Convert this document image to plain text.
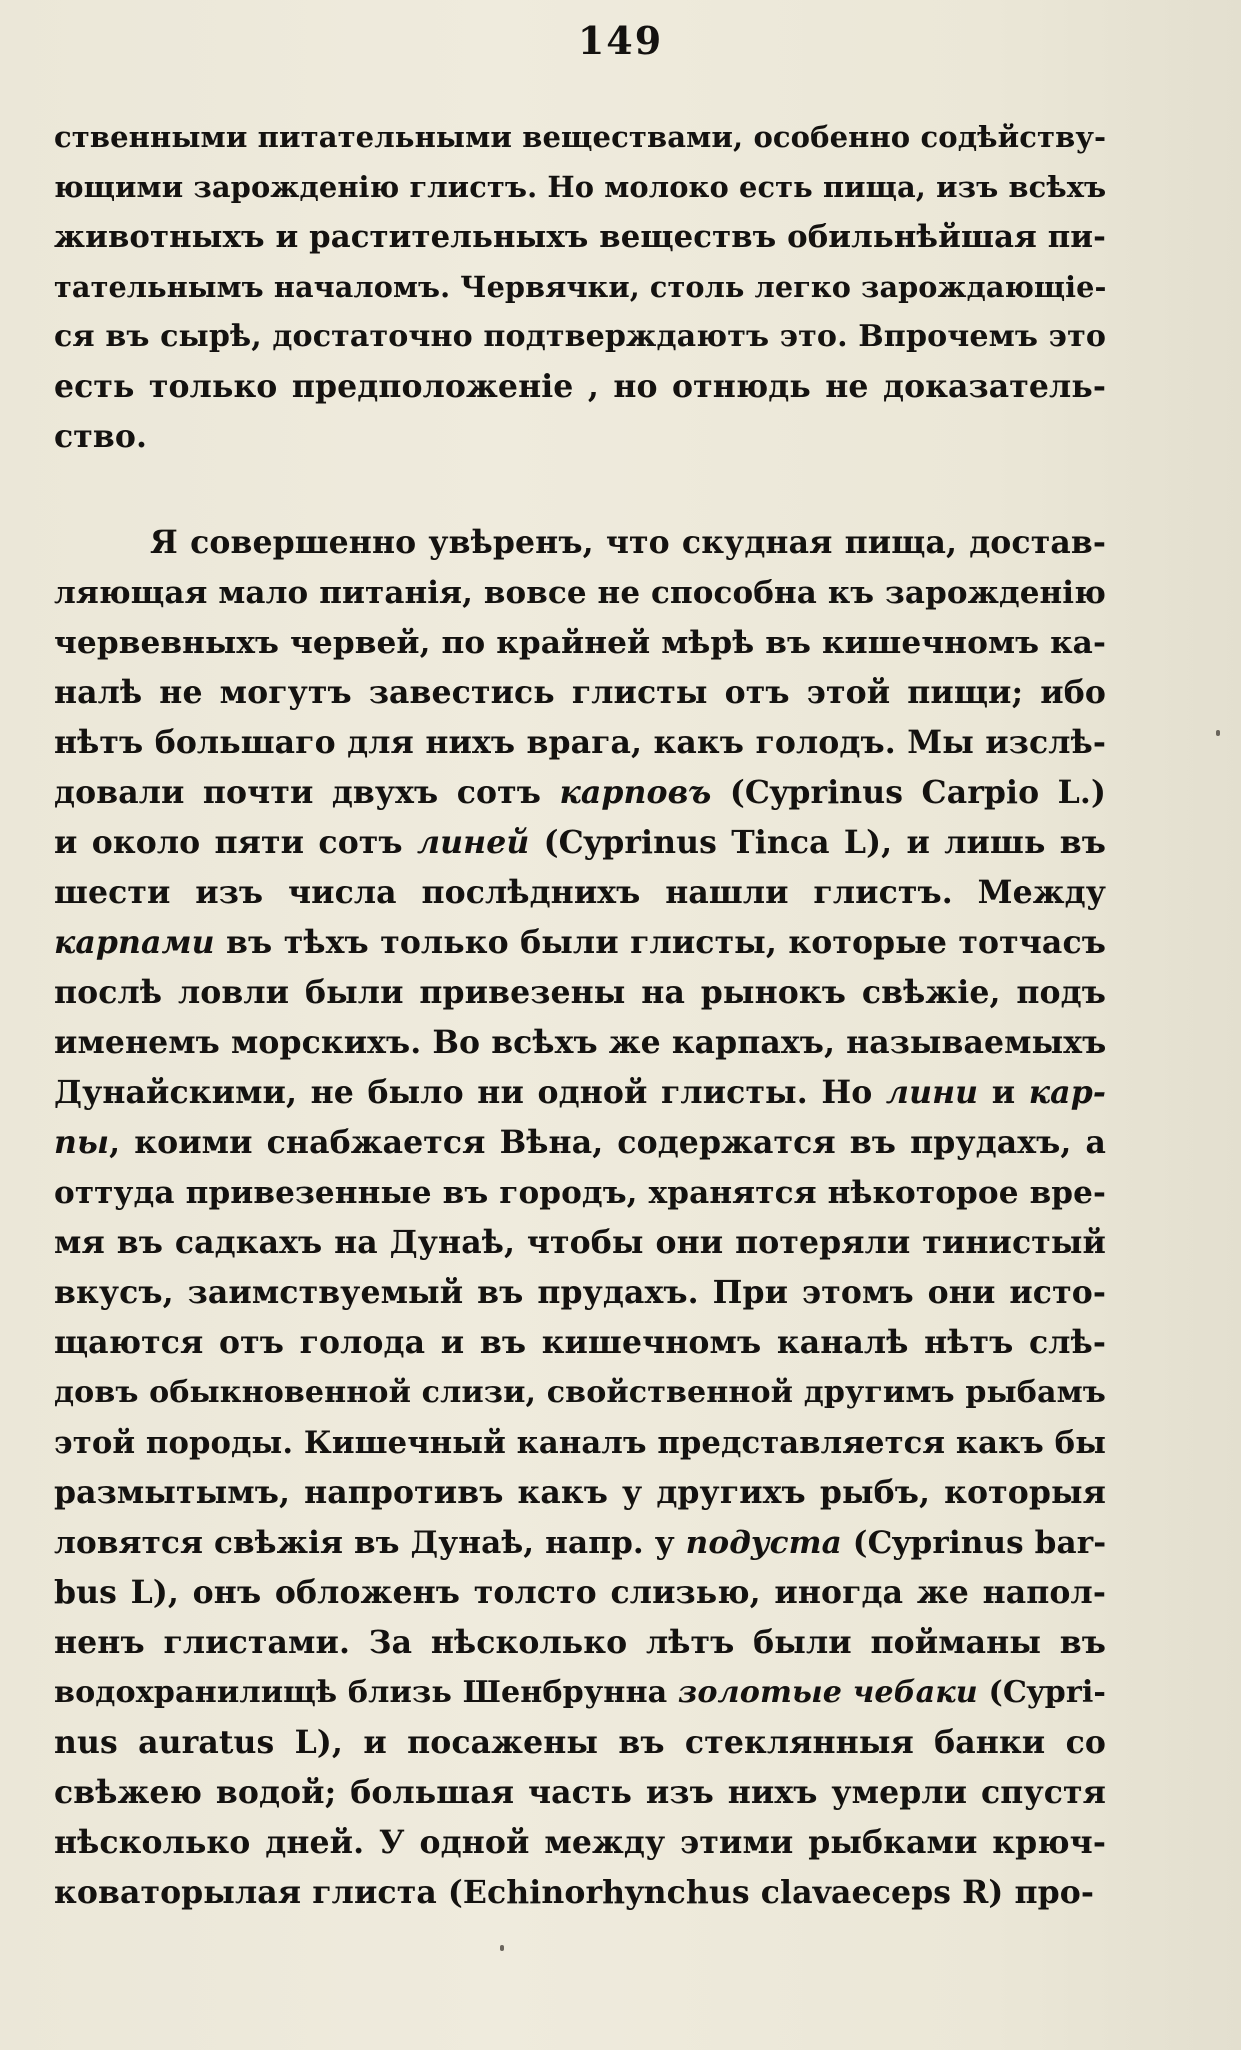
149
ственными питательными веществами, особенно содѣйству-
ющими зарожденію глистъ. Но молоко есть пища, изъ всѣхъ
животныхъ и растительныхъ веществъ обильнѣйшая пи-
тательнымъ началомъ. Червячки, столь легко зарождающіе-
ся въ сырѣ, достаточно подтверждаютъ это. Впрочемъ это
есть только предположеніе , но отнюдь не доказатель-
ство.
Я совершенно увѣренъ, что скудная пища, достав-
ляющая мало питанія, вовсе не способна къ зарожденію
червевныхъ червей, по крайней мѣрѣ въ кишечномъ ка-
налѣ не могутъ завестись глисты отъ этой пищи; ибо
нѣтъ большаго для нихъ врага, какъ голодъ. Мы изслѣ-
довали почти двухъ сотъ карповъ (Cyprinus Carpio L.)
и около пяти сотъ линей (Cyprinus Tinca L), и лишь въ
шести изъ числа послѣднихъ нашли глистъ. Между
карпами въ тѣхъ только были глисты, которые тотчасъ
послѣ ловли были привезены на рынокъ свѣжіе, подъ
именемъ морскихъ. Во всѣхъ же карпахъ, называемыхъ
Дунайскими, не было ни одной глисты. Но лини и кар-
пы, коими снабжается Вѣна, содержатся въ прудахъ, а
оттуда привезенные въ городъ, хранятся нѣкоторое вре-
мя въ садкахъ на Дунаѣ, чтобы они потеряли тинистый
вкусъ, заимствуемый въ прудахъ. При этомъ они исто-
щаются отъ голода и въ кишечномъ каналѣ нѣтъ слѣ-
довъ обыкновенной слизи, свойственной другимъ рыбамъ
этой породы. Кишечный каналъ представляется какъ бы
размытымъ, напротивъ какъ у другихъ рыбъ, которыя
ловятся свѣжія въ Дунаѣ, напр. у подуста (Cyprinus bar-
bus L), онъ обложенъ толсто слизью, иногда же напол-
ненъ глистами. За нѣсколько лѣтъ были пойманы въ
водохранилищѣ близь Шенбрунна золотые чебаки (Cypri-
nus auratus L), и посажены въ стеклянныя банки со
свѣжею водой; большая часть изъ нихъ умерли спустя
нѣсколько дней. У одной между этими рыбками крюч-
коваторылая глиста (Echinorhynchus clavaeceps R) про-
